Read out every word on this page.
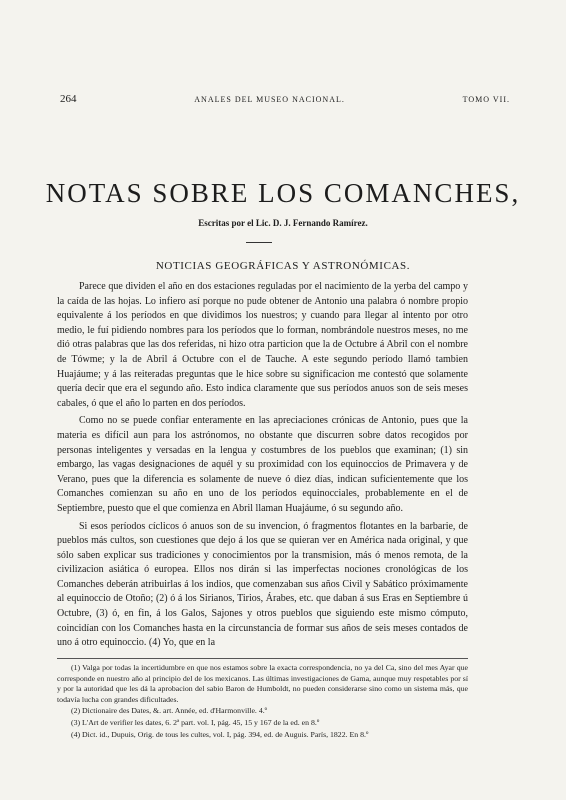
264	ANALES DEL MUSEO NACIONAL.	TOMO VII.
NOTAS SOBRE LOS COMANCHES,
Escritas por el Lic. D. J. Fernando Ramírez.
NOTICIAS GEOGRÁFICAS Y ASTRONÓMICAS.

Parece que dividen el año en dos estaciones reguladas por el nacimiento de la yerba del campo y la caída de las hojas. Lo infiero así porque no pude obtener de Antonio una palabra ó nombre propio equivalente á los períodos en que dividimos los nuestros; y cuando para llegar al intento por otro medio, le fuí pidiendo nombres para los períodos que lo forman, nombrándole nuestros meses, no me dió otras palabras que las dos referidas, ni hizo otra particion que la de Octubre á Abril con el nombre de Tówme; y la de Abril á Octubre con el de Tauche. A este segundo período llamó tambien Huajáume; y á las reiteradas preguntas que le hice sobre su significacion me contestó que solamente quería decir que era el segundo año. Esto indica claramente que sus períodos anuos son de seis meses cabales, ó que el año lo parten en dos períodos.

Como no se puede confiar enteramente en las apreciaciones crónicas de Antonio, pues que la materia es difícil aun para los astrónomos, no obstante que discurren sobre datos recogidos por personas inteligentes y versadas en la lengua y costumbres de los pueblos que examinan; (1) sin embargo, las vagas designaciones de aquél y su proximidad con los equinoccios de Primavera y de Verano, pues que la diferencia es solamente de nueve ó diez días, indican suficientemente que los Comanches comienzan su año en uno de los períodos equinocciales, probablemente en el de Septiembre, puesto que el que comienza en Abril llaman Huajáume, ó su segundo año.

Si esos períodos cíclicos ó anuos son de su invencion, ó fragmentos flotantes en la barbarie, de pueblos más cultos, son cuestiones que dejo á los que se quieran ver en América nada original, y que sólo saben explicar sus tradiciones y conocimientos por la transmision, más ó menos remota, de la civilizacion asiática ó europea. Ellos nos dirán si las imperfectas nociones cronológicas de los Comanches deberán atribuirlas á los indios, que comenzaban sus años Civil y Sabático próximamente al equinoccio de Otoño; (2) ó á los Sirianos, Tirios, Árabes, etc. que daban á sus Eras en Septiembre ú Octubre, (3) ó, en fin, á los Galos, Sajones y otros pueblos que siguiendo este mismo cómputo, coincidían con los Comanches hasta en la circunstancia de formar sus años de seis meses contados de uno á otro equinoccio. (4) Yo, que en la

(1) Valga por todas la incertidumbre en que nos estamos sobre la exacta correspondencia, no ya del Ca, sino del mes Ayar que corresponde en nuestro año al principio del de los mexicanos. Las últimas investigaciones de Gama, aunque muy respetables por sí y por la autoridad que les dá la aprobacion del sabio Baron de Humboldt, no pueden considerarse sino como un sistema más, que todavía lucha con grandes dificultades.

(2) Dictionaire des Dates, &. art. Année, ed. d'Harmonville. 4.º

(3) L'Art de verifier les dates, 6. 2ª part. vol. I, pág. 45, 15 y 167 de la ed. en 8.º

(4) Dict. id., Dupuis, Orig. de tous les cultes, vol. I, pág. 394, ed. de Auguis. París, 1822. En 8.º
